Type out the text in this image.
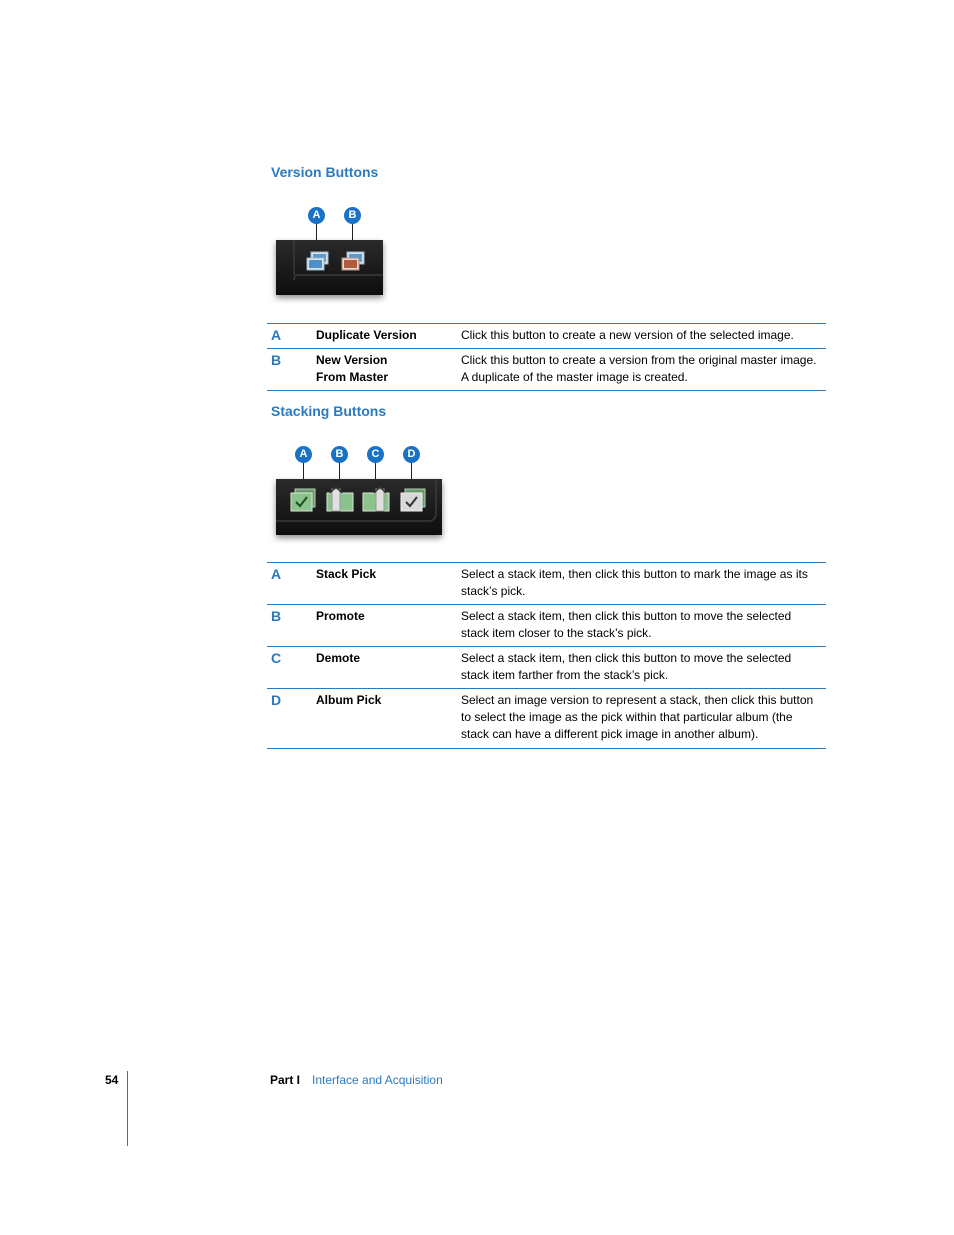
Version Buttons
A	B
A	Duplicate Version	Click this button to create a new version of the selected image.
B	New Version From Master	Click this button to create a version from the original master image. A duplicate of the master image is created.
Stacking Buttons
A	B	C	D
A	Stack Pick	Select a stack item, then click this button to mark the image as its stack’s pick.
B	Promote	Select a stack item, then click this button to move the selected stack item closer to the stack’s pick.
C	Demote	Select a stack item, then click this button to move the selected stack item farther from the stack’s pick.
D	Album Pick	Select an image version to represent a stack, then click this button to select the image as the pick within that particular album (the stack can have a different pick image in another album).
54	Part I Interface and Acquisition
